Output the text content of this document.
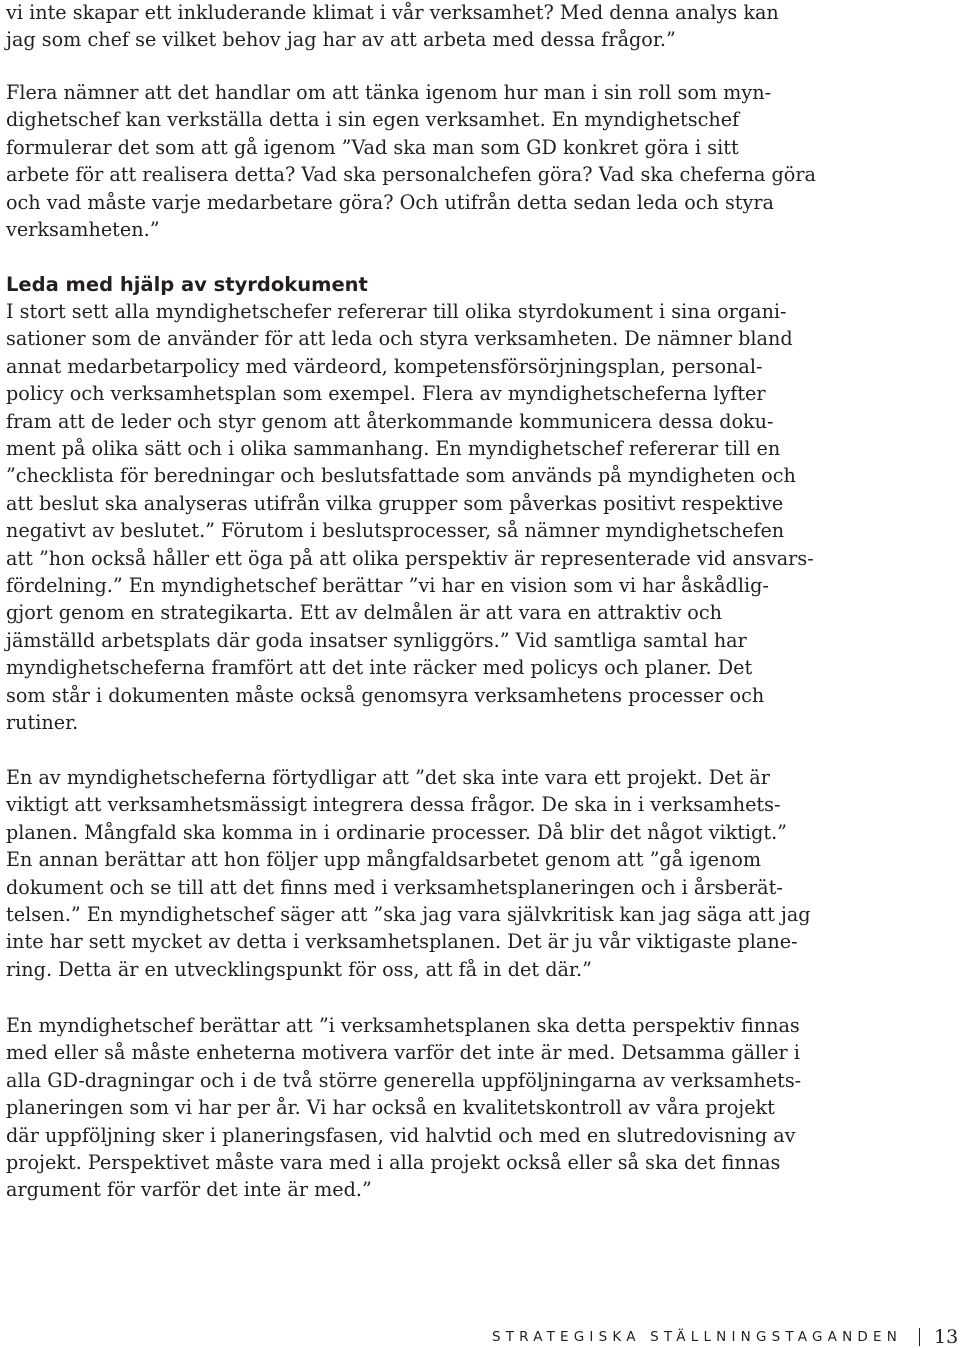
vi inte skapar ett inkluderande klimat i vår verksamhet? Med denna analys kan
jag som chef se vilket behov jag har av att arbeta med dessa frågor.”
Flera nämner att det handlar om att tänka igenom hur man i sin roll som myn-
dighetschef kan verkställa detta i sin egen verksamhet. En myndighetschef
formulerar det som att gå igenom ”Vad ska man som GD konkret göra i sitt
arbete för att realisera detta? Vad ska personalchefen göra? Vad ska cheferna göra
och vad måste varje medarbetare göra? Och utifrån detta sedan leda och styra
verksamheten.”
Leda med hjälp av styrdokument
I stort sett alla myndighetschefer refererar till olika styrdokument i sina organi-
sationer som de använder för att leda och styra verksamheten. De nämner bland
annat medarbetarpolicy med värdeord, kompetensförsörjningsplan, personal-
policy och verksamhetsplan som exempel. Flera av myndighetscheferna lyfter
fram att de leder och styr genom att återkommande kommunicera dessa doku-
ment på olika sätt och i olika sammanhang. En myndighetschef refererar till en
”checklista för beredningar och beslutsfattade som används på myndigheten och
att beslut ska analyseras utifrån vilka grupper som påverkas positivt respektive
negativt av beslutet.” Förutom i beslutsprocesser, så nämner myndighetschefen
att ”hon också håller ett öga på att olika perspektiv är representerade vid ansvars-
fördelning.” En myndighetschef berättar ”vi har en vision som vi har åskådlig-
gjort genom en strategikarta. Ett av delmålen är att vara en attraktiv och
jämställd arbetsplats där goda insatser synliggörs.” Vid samtliga samtal har
myndighetscheferna framfört att det inte räcker med policys och planer. Det
som står i dokumenten måste också genomsyra verksamhetens processer och
rutiner.
En av myndighetscheferna förtydligar att ”det ska inte vara ett projekt. Det är
viktigt att verksamhetsmässigt integrera dessa frågor. De ska in i verksamhets-
planen. Mångfald ska komma in i ordinarie processer. Då blir det något viktigt.”
En annan berättar att hon följer upp mångfaldsarbetet genom att ”gå igenom
dokument och se till att det finns med i verksamhetsplaneringen och i årsberät-
telsen.” En myndighetschef säger att ”ska jag vara självkritisk kan jag säga att jag
inte har sett mycket av detta i verksamhetsplanen. Det är ju vår viktigaste plane-
ring. Detta är en utvecklingspunkt för oss, att få in det där.”
En myndighetschef berättar att ”i verksamhetsplanen ska detta perspektiv finnas
med eller så måste enheterna motivera varför det inte är med. Detsamma gäller i
alla GD-dragningar och i de två större generella uppföljningarna av verksamhets-
planeringen som vi har per år. Vi har också en kvalitetskontroll av våra projekt
där uppföljning sker i planeringsfasen, vid halvtid och med en slutredovisning av
projekt. Perspektivet måste vara med i alla projekt också eller så ska det finnas
argument för varför det inte är med.”
STRATEGISKA STÄLLNINGSTAGANDEN 13
